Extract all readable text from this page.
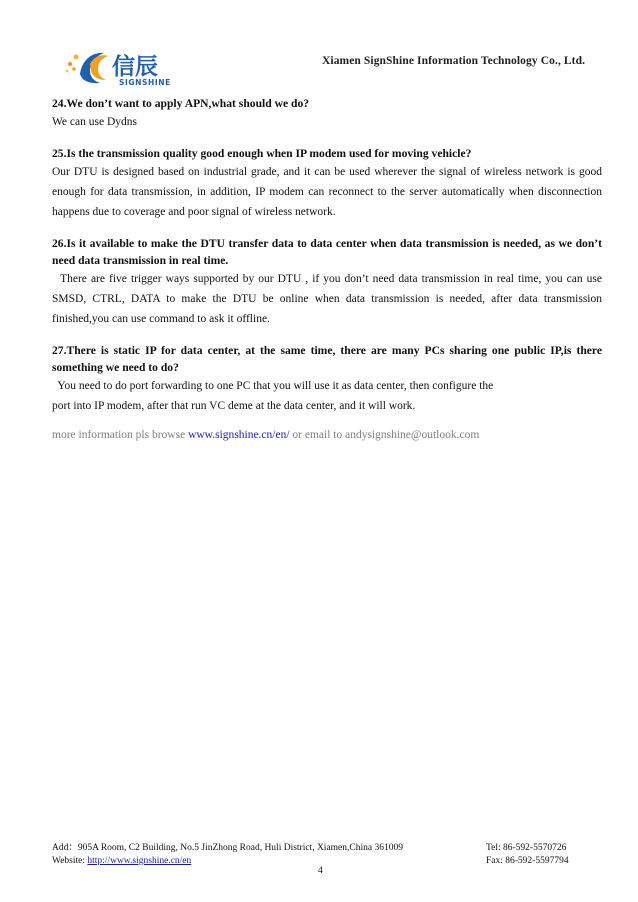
信辰
SIGNSHINE
Xiamen SignShine Information Technology Co., Ltd.

24.We don’t want to apply APN,what should we do?

We can use Dydns

25.Is the transmission quality good enough when IP modem used for moving vehicle?

Our DTU is designed based on industrial grade, and it can be used wherever the signal of wireless network is good enough for data transmission, in addition, IP modem can reconnect to the server automatically when disconnection happens due to coverage and poor signal of wireless network.

26.Is it available to make the DTU transfer data to data center when data transmission is needed, as we don’t need data transmission in real time.

There are five trigger ways supported by our DTU , if you don’t need data transmission in real time, you can use SMSD, CTRL, DATA to make the DTU be online when data transmission is needed, after data transmission finished,you can use command to ask it offline.

27.There is static IP for data center, at the same time, there are many PCs sharing one public IP,is there something we need to do?

You need to do port forwarding to one PC that you will use it as data center, then configure the

port into IP modem, after that run VC deme at the data center, and it will work.

more information pls browse www.signshine.cn/en/ or email to andysignshine@outlook.com
Add：905A Room, C2 Building, No.5 JinZhong Road, Huli District, Xiamen,China 361009	Tel: 86-592-5570726
Website: http://www.signshine.cn/en	Fax: 86-592-5597794
4
